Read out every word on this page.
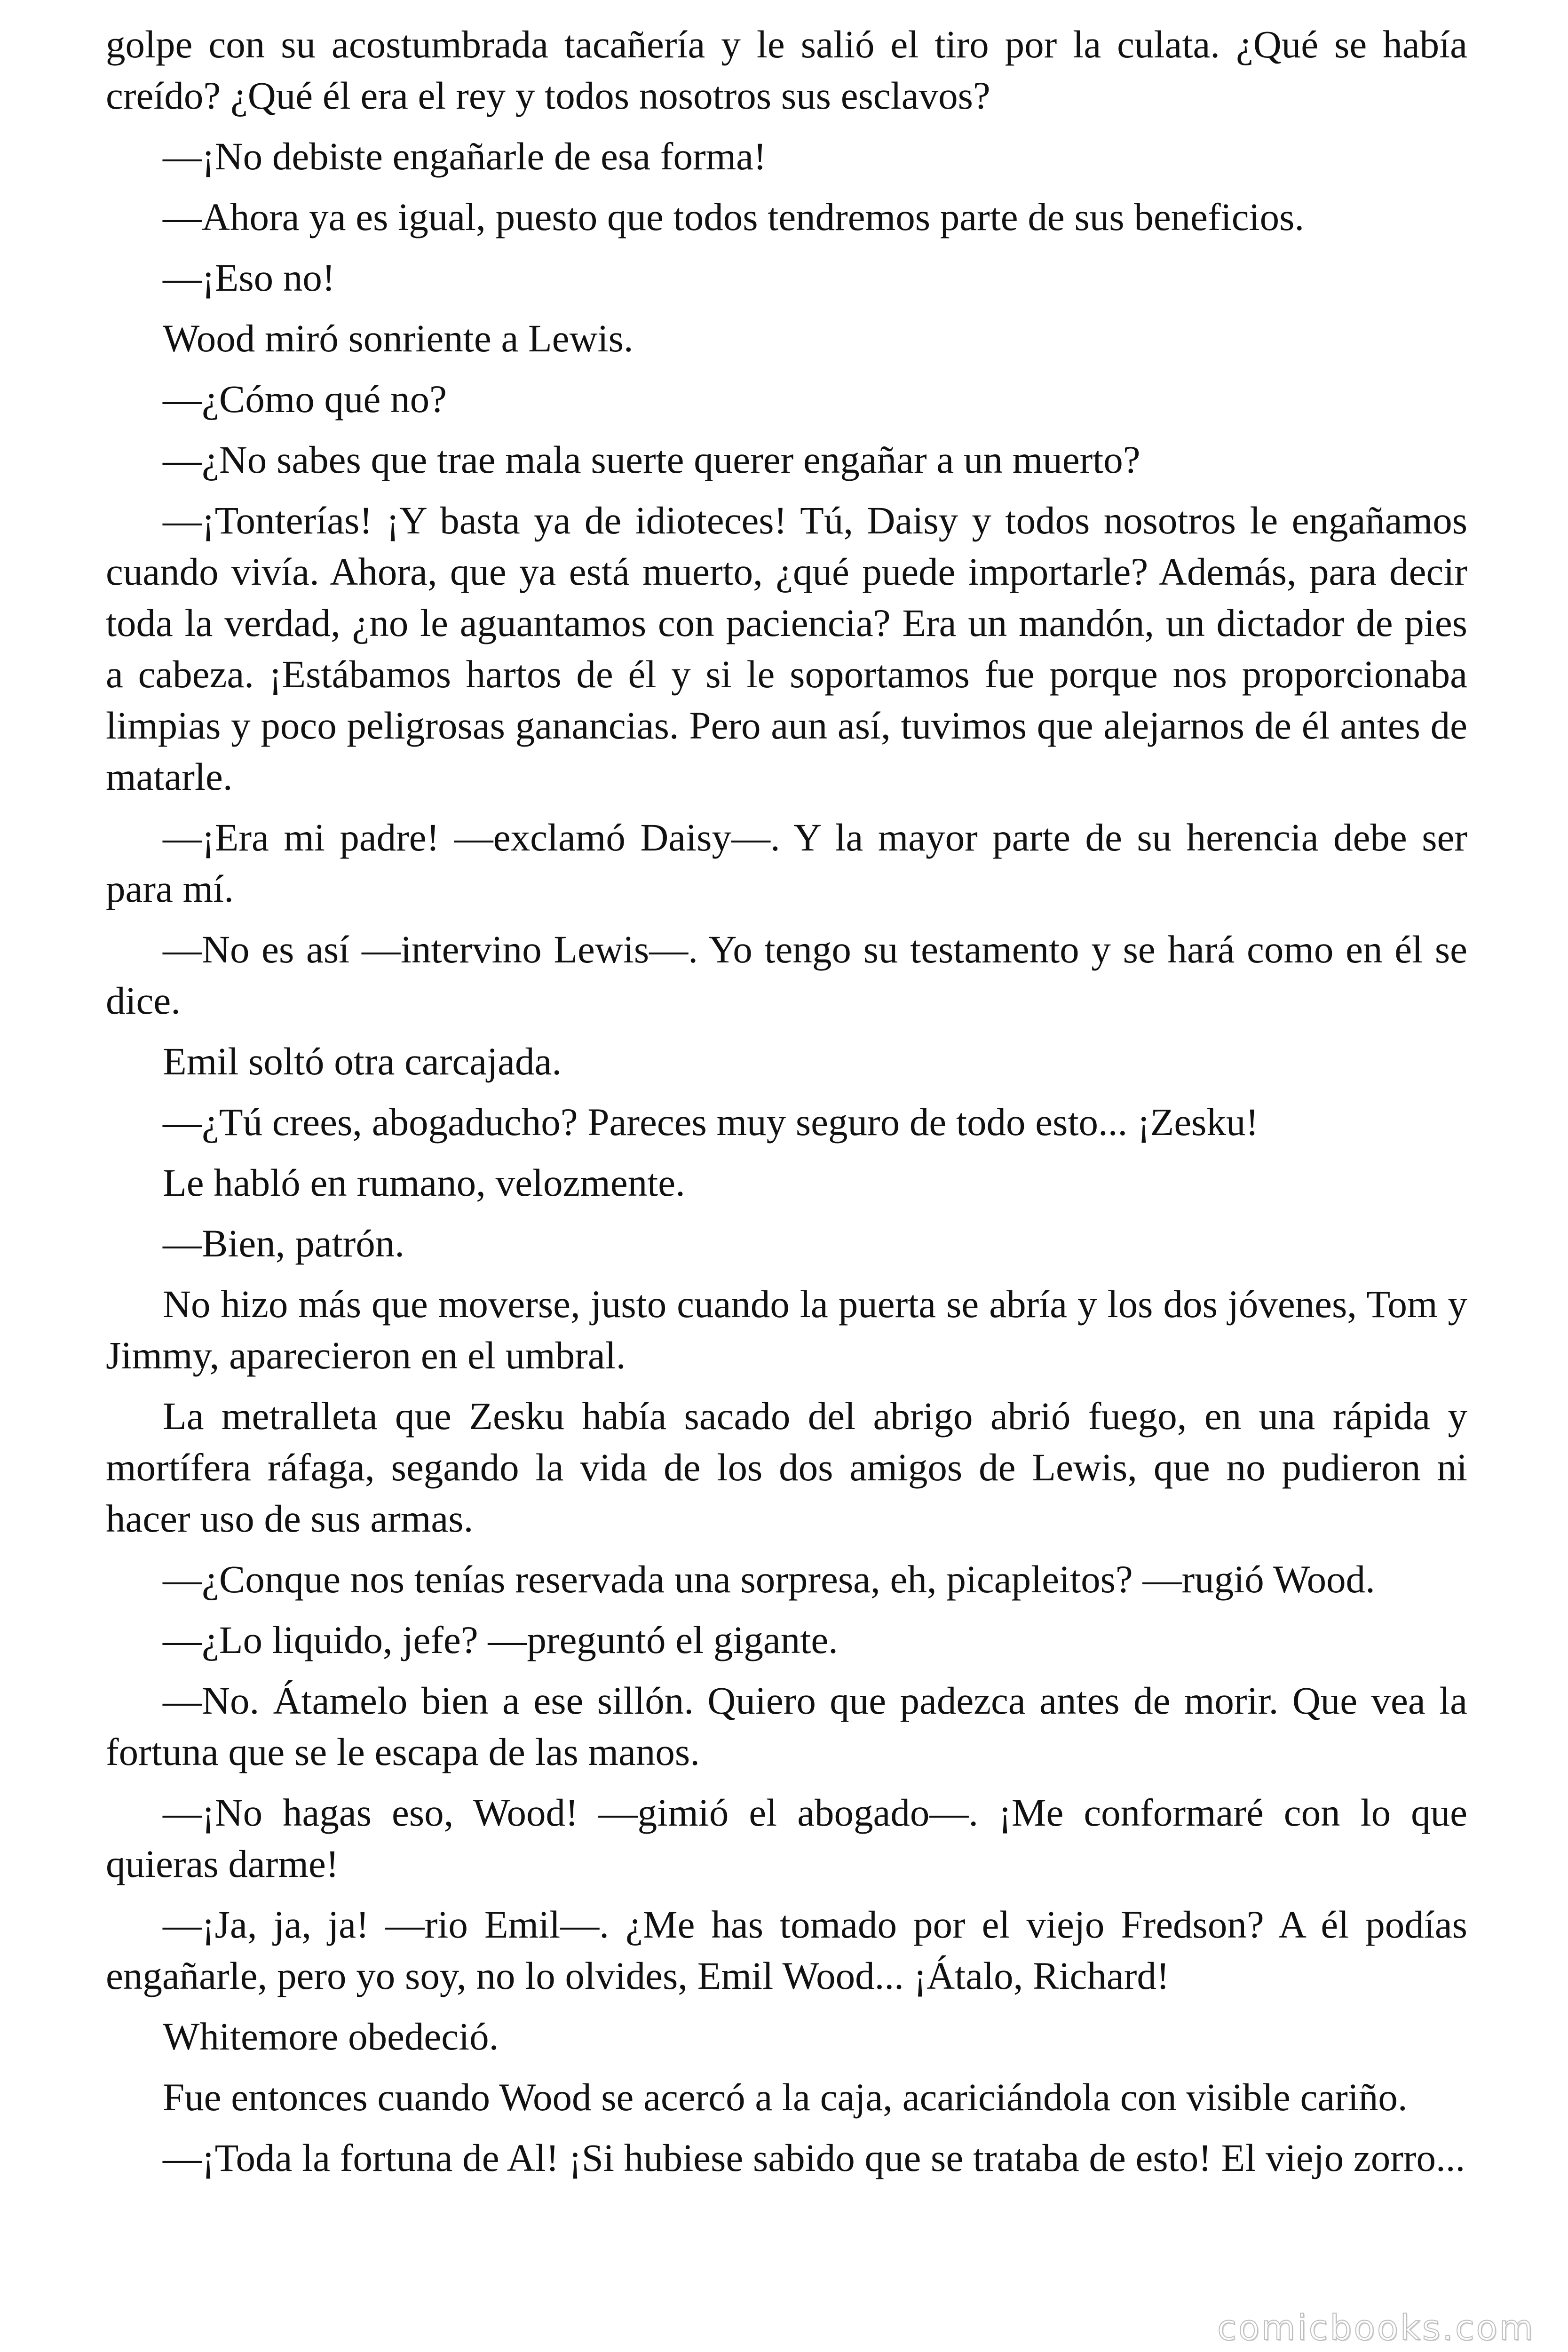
golpe con su acostumbrada tacañería y le salió el tiro por la culata. ¿Qué se había creído? ¿Qué él era el rey y todos nosotros sus esclavos?

—¡No debiste engañarle de esa forma!

—Ahora ya es igual, puesto que todos tendremos parte de sus beneficios.

—¡Eso no!

Wood miró sonriente a Lewis.

—¿Cómo qué no?

—¿No sabes que trae mala suerte querer engañar a un muerto?

—¡Tonterías! ¡Y basta ya de idioteces! Tú, Daisy y todos nosotros le engañamos cuando vivía. Ahora, que ya está muerto, ¿qué puede importarle? Además, para decir toda la verdad, ¿no le aguantamos con paciencia? Era un mandón, un dictador de pies a cabeza. ¡Estábamos hartos de él y si le soportamos fue porque nos proporcionaba limpias y poco peligrosas ganancias. Pero aun así, tuvimos que alejarnos de él antes de matarle.

—¡Era mi padre! —exclamó Daisy—. Y la mayor parte de su herencia debe ser para mí.

—No es así —intervino Lewis—. Yo tengo su testamento y se hará como en él se dice.

Emil soltó otra carcajada.

—¿Tú crees, abogaducho? Pareces muy seguro de todo esto... ¡Zesku!

Le habló en rumano, velozmente.

—Bien, patrón.

No hizo más que moverse, justo cuando la puerta se abría y los dos jóvenes, Tom y Jimmy, aparecieron en el umbral.

La metralleta que Zesku había sacado del abrigo abrió fuego, en una rápida y mortífera ráfaga, segando la vida de los dos amigos de Lewis, que no pudieron ni hacer uso de sus armas.

—¿Conque nos tenías reservada una sorpresa, eh, picapleitos? —rugió Wood.

—¿Lo liquido, jefe? —preguntó el gigante.

—No. Átamelo bien a ese sillón. Quiero que padezca antes de morir. Que vea la fortuna que se le escapa de las manos.

—¡No hagas eso, Wood! —gimió el abogado—. ¡Me conformaré con lo que quieras darme!

—¡Ja, ja, ja! —rio Emil—. ¿Me has tomado por el viejo Fredson? A él podías engañarle, pero yo soy, no lo olvides, Emil Wood... ¡Átalo, Richard!

Whitemore obedeció.

Fue entonces cuando Wood se acercó a la caja, acariciándola con visible cariño.

—¡Toda la fortuna de Al! ¡Si hubiese sabido que se trataba de esto! El viejo zorro...

comicbooks.com
